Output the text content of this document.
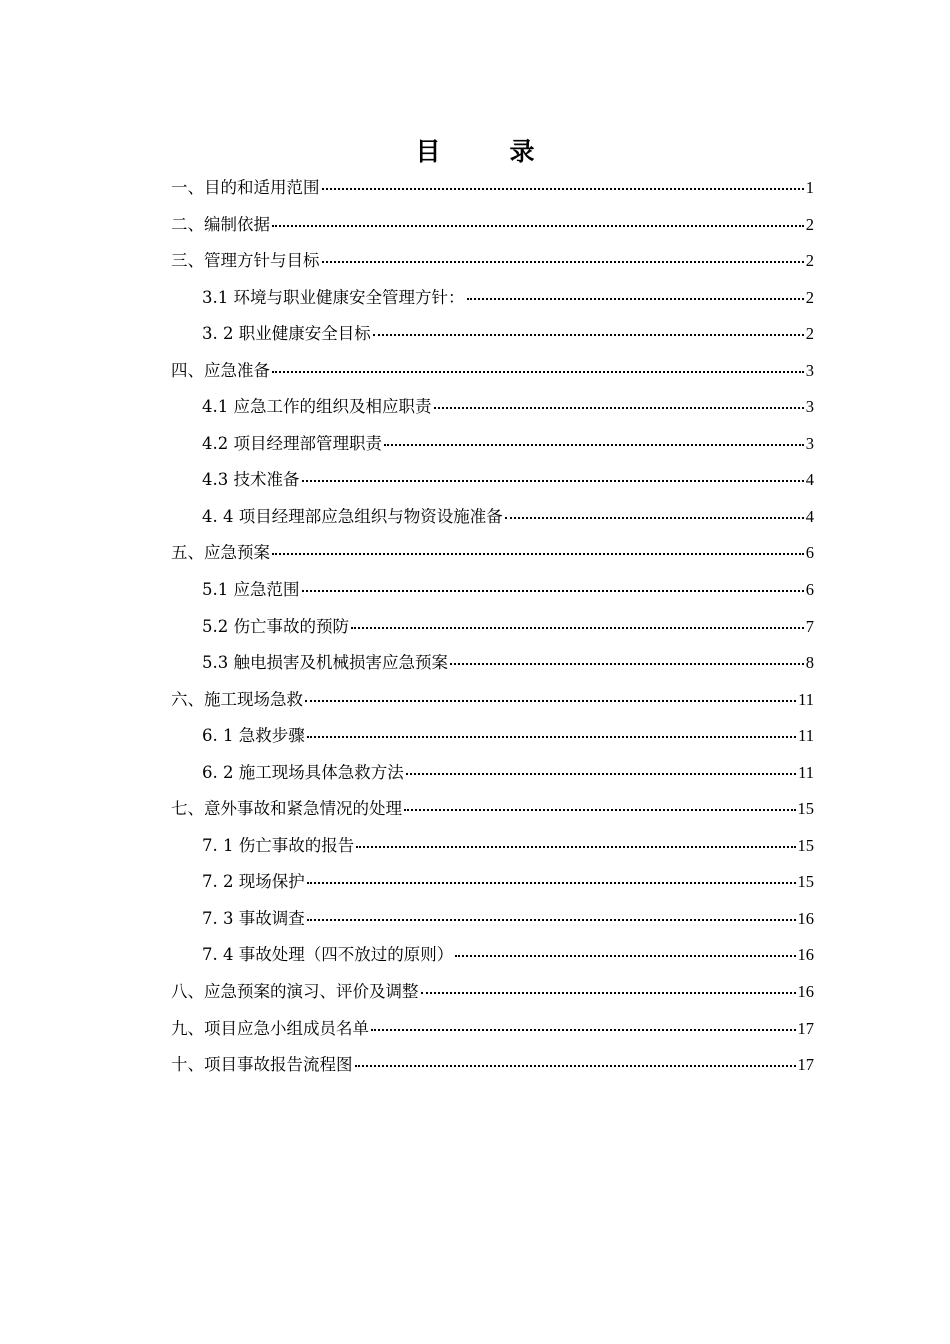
目　录
一、目的和适用范围	1
二、编制依据	2
三、管理方针与目标	2
3.1 环境与职业健康安全管理方针：	2
3. 2 职业健康安全目标	2
四、应急准备	3
4.1 应急工作的组织及相应职责	3
4.2 项目经理部管理职责	3
4.3 技术准备	4
4. 4 项目经理部应急组织与物资设施准备	4
五、应急预案	6
5.1 应急范围	6
5.2 伤亡事故的预防	7
5.3 触电损害及机械损害应急预案	8
六、施工现场急救	11
6. 1 急救步骤	11
6. 2 施工现场具体急救方法	11
七、意外事故和紧急情况的处理	15
7. 1 伤亡事故的报告	15
7. 2 现场保护	15
7. 3 事故调查	16
7. 4 事故处理（四不放过的原则）	16
八、应急预案的演习、评价及调整	16
九、项目应急小组成员名单	17
十、项目事故报告流程图	17
